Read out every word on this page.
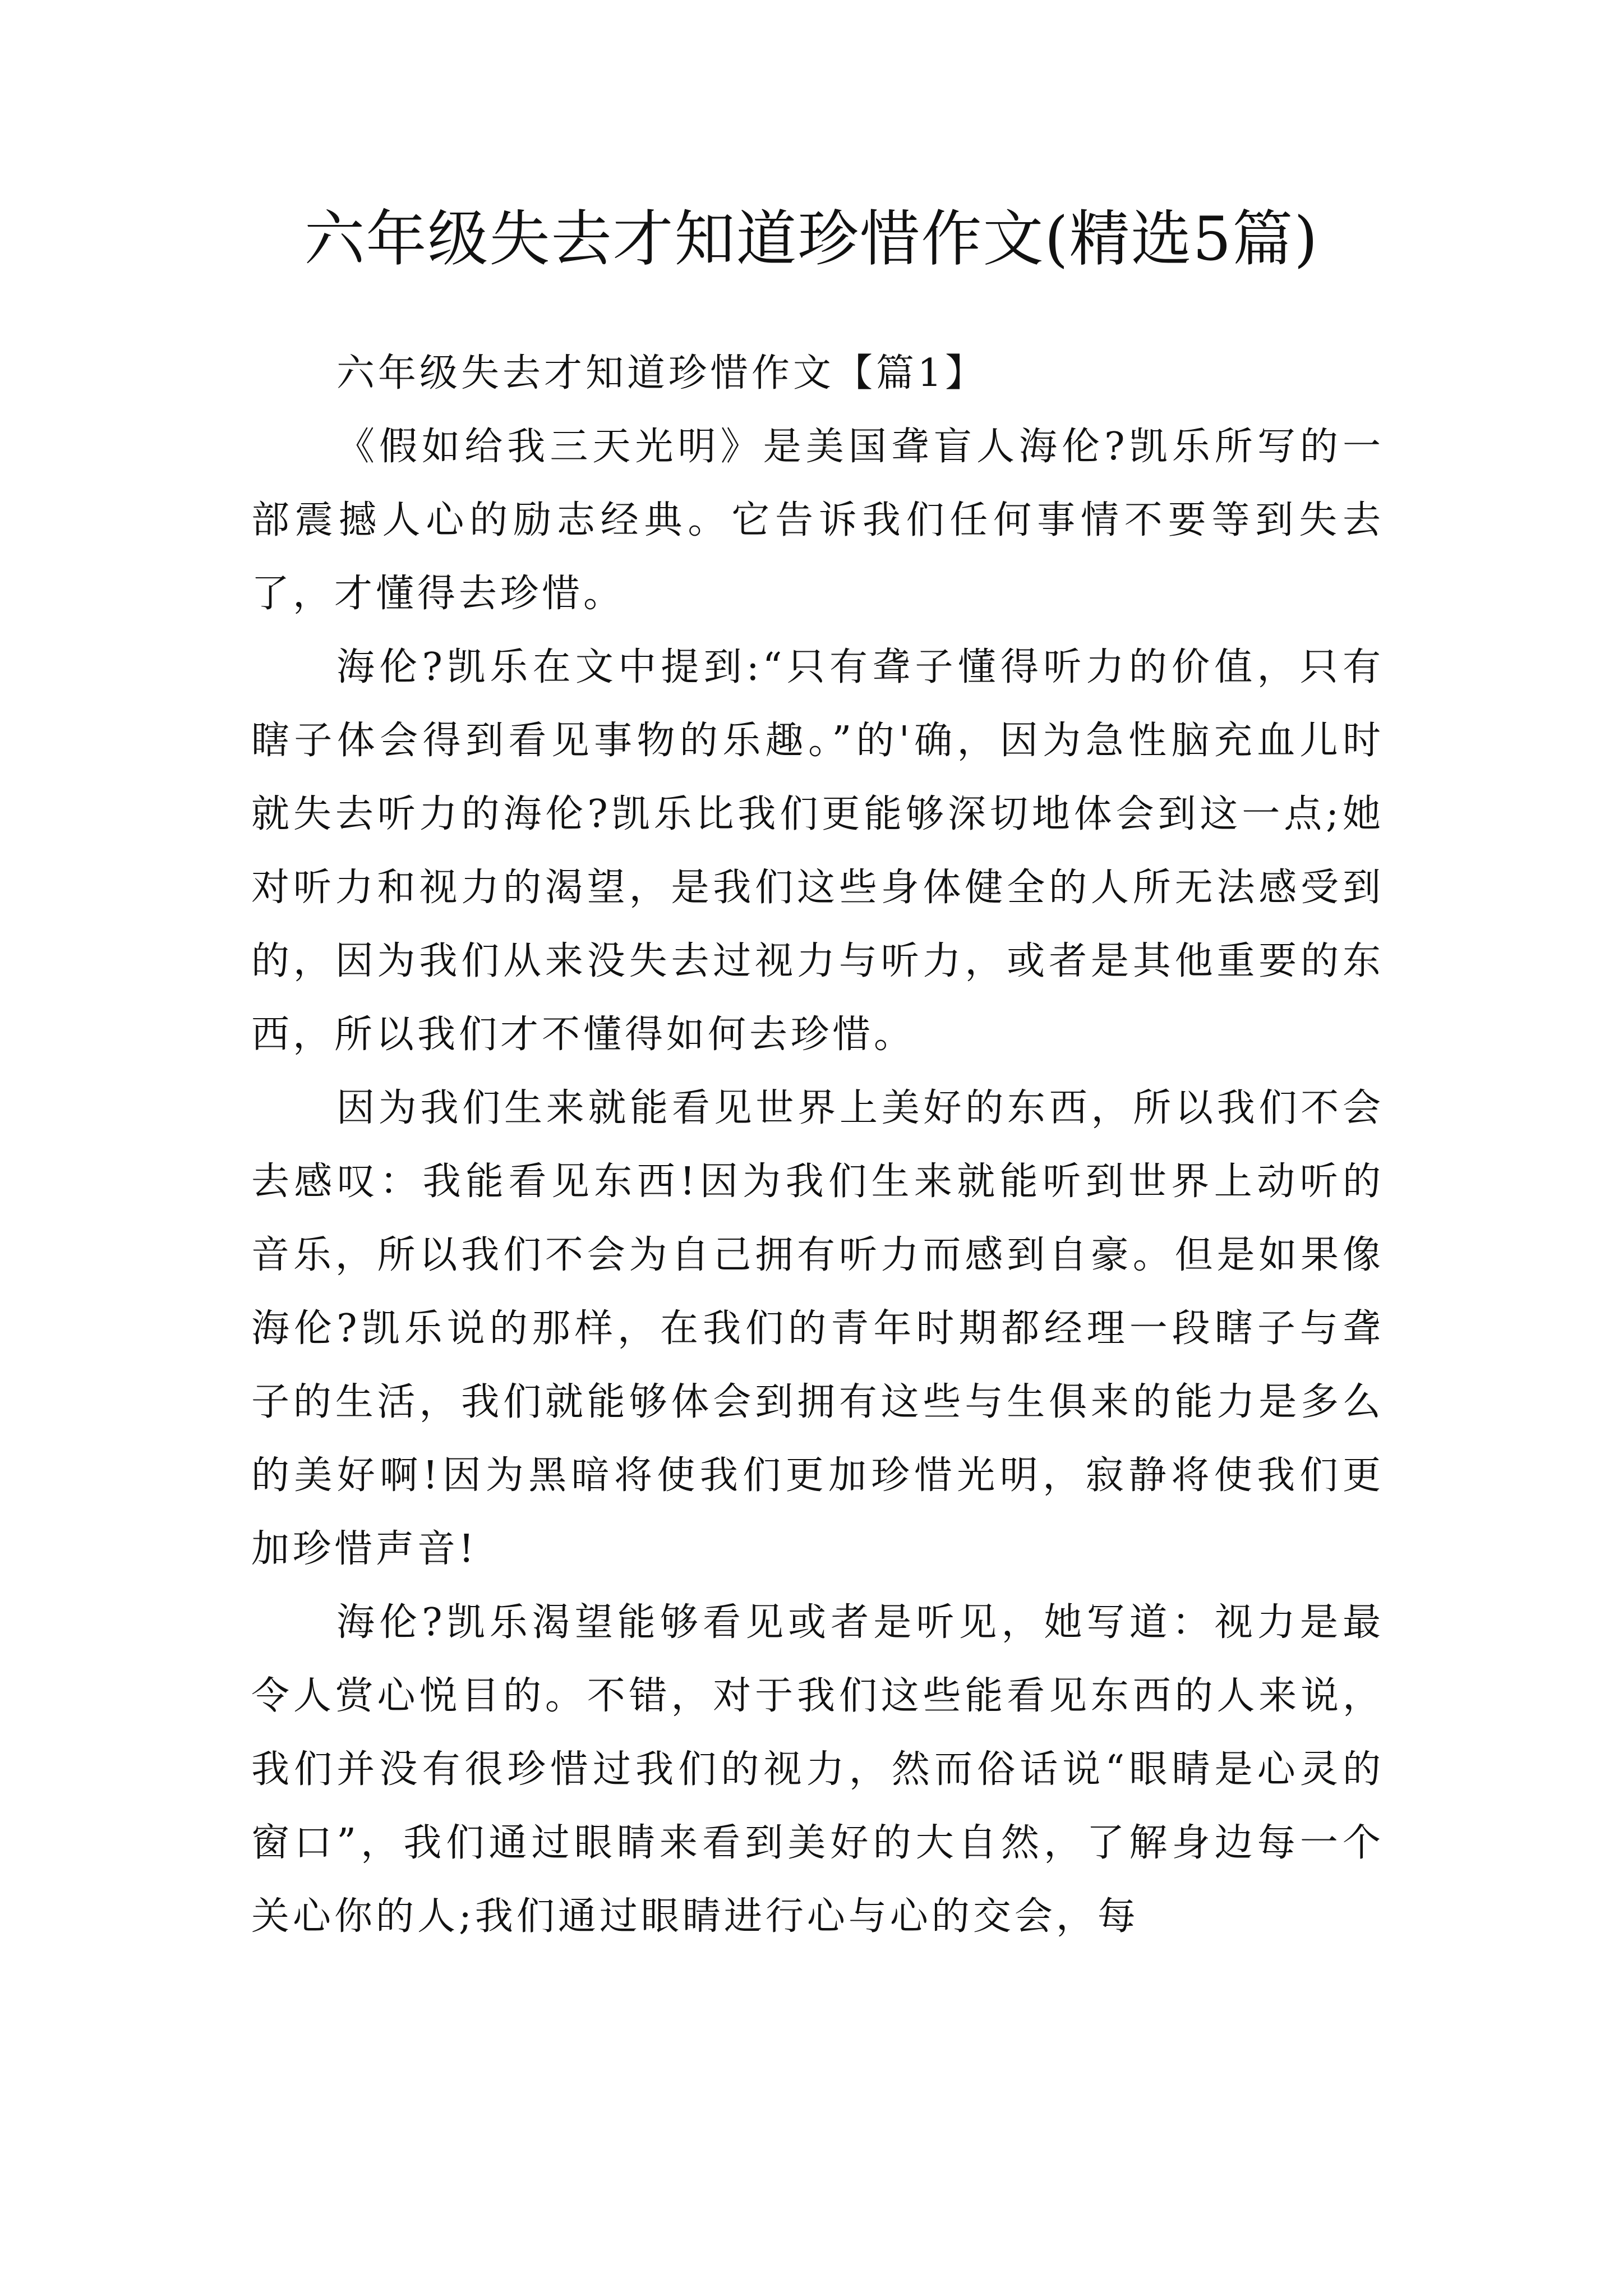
六年级失去才知道珍惜作文(精选5篇)
六年级失去才知道珍惜作文【篇1】

《假如给我三天光明》是美国聋盲人海伦?凯乐所写的一部震撼人心的励志经典。它告诉我们任何事情不要等到失去了，才懂得去珍惜。

海伦?凯乐在文中提到:“只有聋子懂得听力的价值，只有瞎子体会得到看见事物的乐趣。”的'确，因为急性脑充血儿时就失去听力的海伦?凯乐比我们更能够深切地体会到这一点;她对听力和视力的渴望，是我们这些身体健全的人所无法感受到的，因为我们从来没失去过视力与听力，或者是其他重要的东西，所以我们才不懂得如何去珍惜。

因为我们生来就能看见世界上美好的东西，所以我们不会去感叹：我能看见东西!因为我们生来就能听到世界上动听的音乐，所以我们不会为自己拥有听力而感到自豪。但是如果像海伦?凯乐说的那样，在我们的青年时期都经理一段瞎子与聋子的生活，我们就能够体会到拥有这些与生俱来的能力是多么的美好啊!因为黑暗将使我们更加珍惜光明，寂静将使我们更加珍惜声音!

海伦?凯乐渴望能够看见或者是听见，她写道：视力是最令人赏心悦目的。不错，对于我们这些能看见东西的人来说，我们并没有很珍惜过我们的视力，然而俗话说“眼睛是心灵的窗口”，我们通过眼睛来看到美好的大自然，了解身边每一个关心你的人;我们通过眼睛进行心与心的交会，每
